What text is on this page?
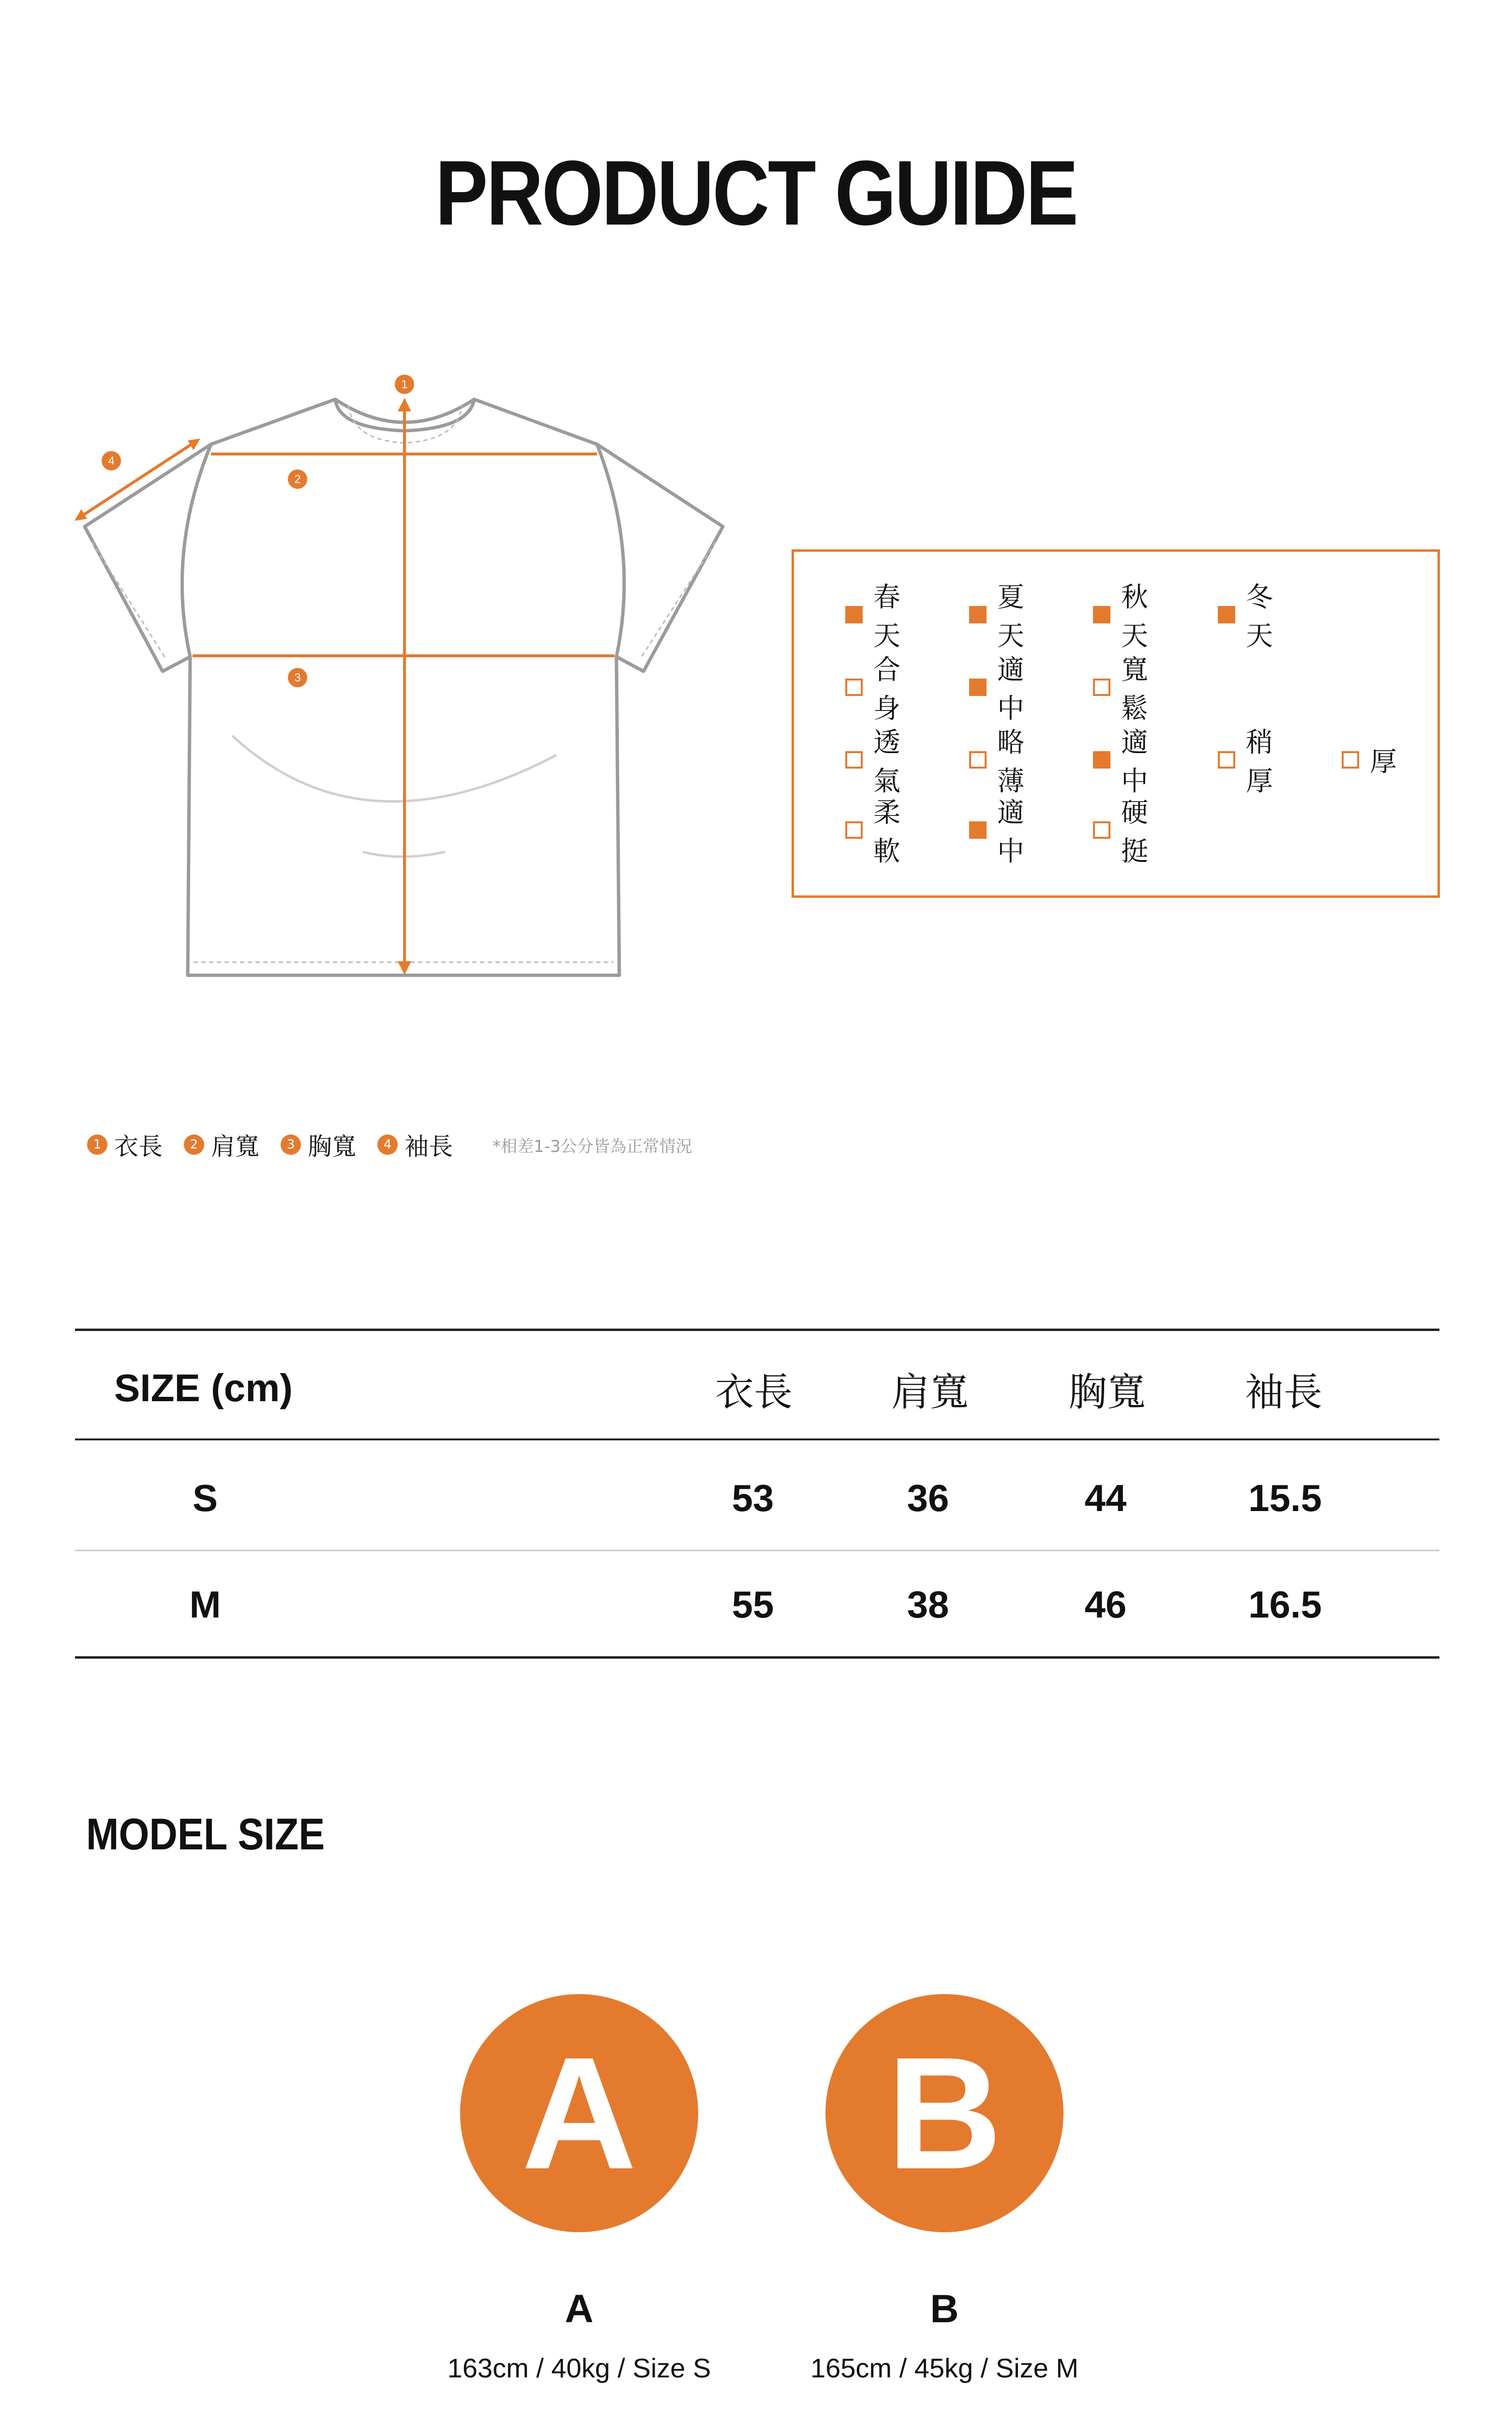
PRODUCT GUIDE
1
2
3
4
春天
夏天
秋天
冬天
合身
適中
寬鬆
透氣
略薄
適中
稍厚
厚
柔軟
適中
硬挺
1 衣長	2 肩寬	3 胸寬	4 袖長 *相差1-3公分皆為正常情況
SIZE (cm)	衣長	肩寬	胸寬	袖長
S	53	36	44	15.5
M	55	38	46	16.5
MODEL SIZE
A	B
A	B
163cm / 40kg / Size S	165cm / 45kg / Size M
